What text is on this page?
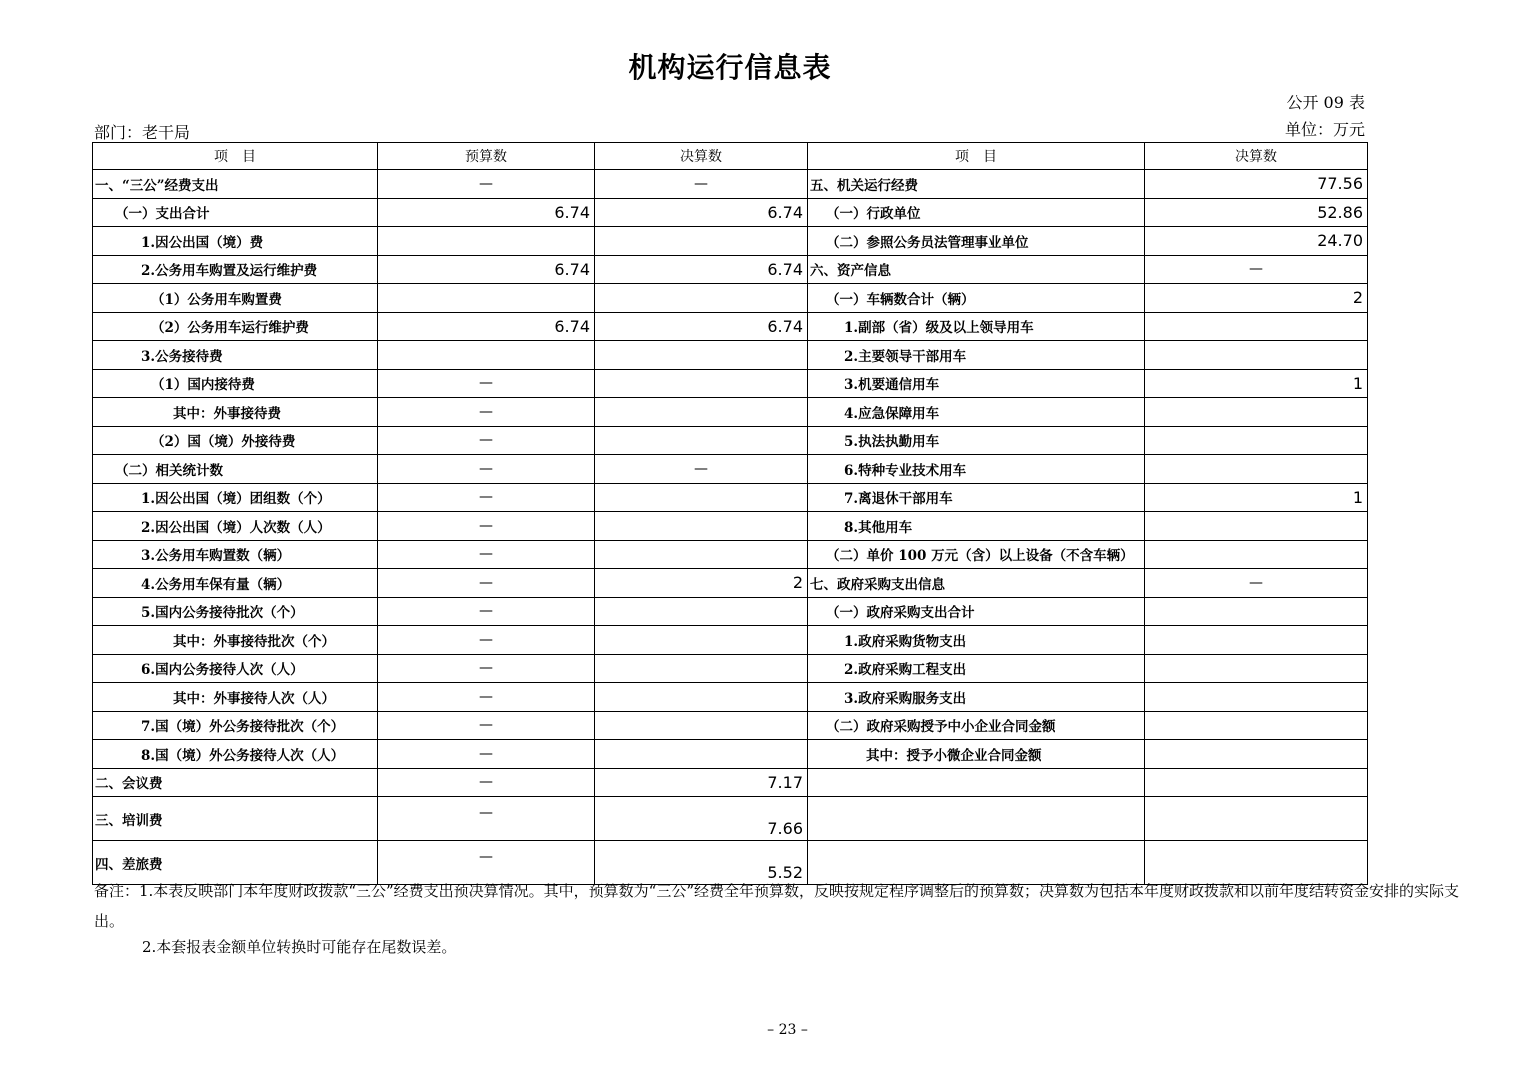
机构运行信息表
公开 09 表
部门：老干局	单位：万元
项　目	预算数	决算数	项　目	决算数
一、“三公”经费支出	—	—	五、机关运行经费	77.56
（一）支出合计	6.74	6.74	（一）行政单位	52.86
1.因公出国（境）费			（二）参照公务员法管理事业单位	24.70
2.公务用车购置及运行维护费	6.74	6.74	六、资产信息	—
（1）公务用车购置费			（一）车辆数合计（辆）	2
（2）公务用车运行维护费	6.74	6.74	1.副部（省）级及以上领导用车	
3.公务接待费			2.主要领导干部用车	
（1）国内接待费	—		3.机要通信用车	1
其中：外事接待费	—		4.应急保障用车	
（2）国（境）外接待费	—		5.执法执勤用车	
（二）相关统计数	—	—	6.特种专业技术用车	
1.因公出国（境）团组数（个）	—		7.离退休干部用车	1
2.因公出国（境）人次数（人）	—		8.其他用车	
3.公务用车购置数（辆）	—		（二）单价 100 万元（含）以上设备（不含车辆）	
4.公务用车保有量（辆）	—	2	七、政府采购支出信息	—
5.国内公务接待批次（个）	—		（一）政府采购支出合计	
其中：外事接待批次（个）	—		1.政府采购货物支出	
6.国内公务接待人次（人）	—		2.政府采购工程支出	
其中：外事接待人次（人）	—		3.政府采购服务支出	
7.国（境）外公务接待批次（个）	—		（二）政府采购授予中小企业合同金额	
8.国（境）外公务接待人次（人）	—		其中：授予小微企业合同金额	
二、会议费	—	7.17		
三、培训费	—	7.66		
四、差旅费	—	5.52		
备注：1.本表反映部门本年度财政拨款“三公”经费支出预决算情况。其中，预算数为“三公”经费全年预算数，反映按规定程序调整后的预算数；决算数为包括本年度财政拨款和以前年度结转资金安排的实际支出。
2.本套报表金额单位转换时可能存在尾数误差。
– 23 –
